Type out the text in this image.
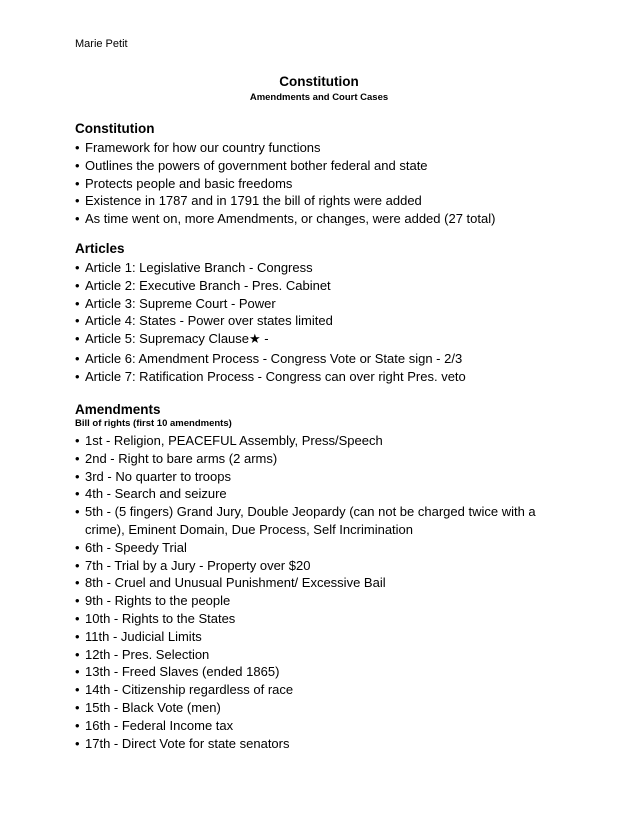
Marie Petit
Constitution
Amendments and Court Cases
Constitution
• Framework for how our country functions
• Outlines the powers of government bother federal and state
• Protects people and basic freedoms
• Existence in 1787 and in 1791 the bill of rights were added
• As time went on, more Amendments, or changes, were added (27 total)
Articles
• Article 1: Legislative Branch - Congress
• Article 2: Executive Branch - Pres. Cabinet
• Article 3: Supreme Court - Power
• Article 4: States - Power over states limited
• Article 5: Supremacy Clause★ -
• Article 6: Amendment Process - Congress Vote or State sign - 2/3
• Article 7: Ratification Process - Congress can over right Pres. veto
Amendments
Bill of rights (first 10 amendments)
• 1st - Religion, PEACEFUL Assembly, Press/Speech
• 2nd - Right to bare arms (2 arms)
• 3rd - No quarter to troops
• 4th - Search and seizure
• 5th - (5 fingers) Grand Jury, Double Jeopardy (can not be charged twice with a crime), Eminent Domain, Due Process, Self Incrimination
• 6th - Speedy Trial
• 7th - Trial by a Jury - Property over $20
• 8th - Cruel and Unusual Punishment/ Excessive Bail
• 9th - Rights to the people
• 10th - Rights to the States
• 11th - Judicial Limits
• 12th - Pres. Selection
• 13th - Freed Slaves (ended 1865)
• 14th - Citizenship regardless of race
• 15th - Black Vote (men)
• 16th - Federal Income tax
• 17th - Direct Vote for state senators
